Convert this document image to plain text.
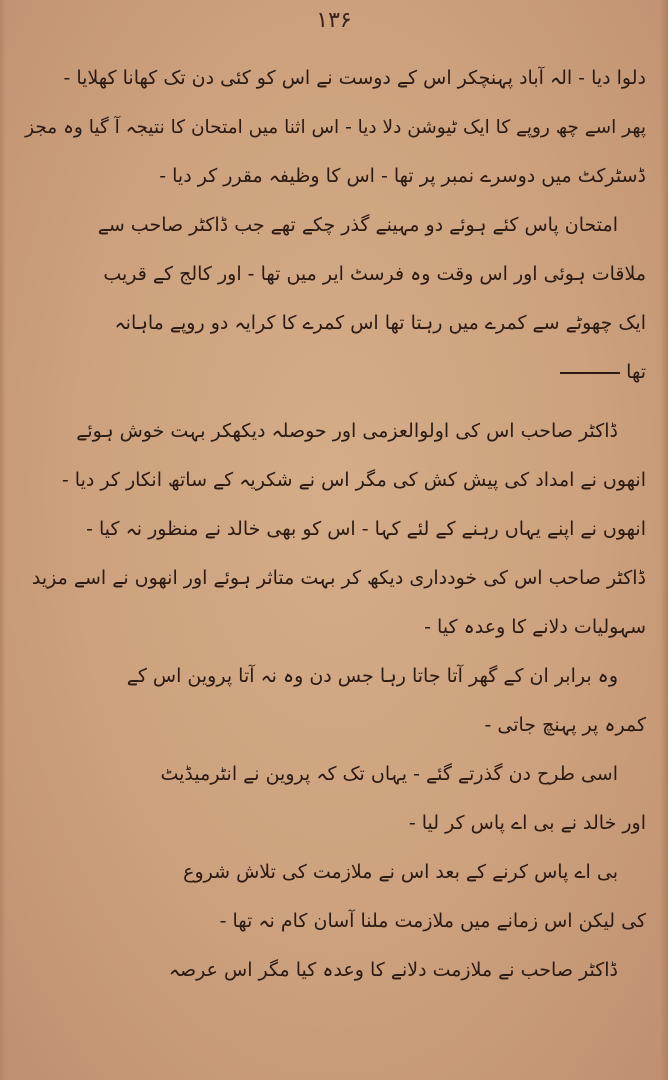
۱۳۶
دلوا دیا - الہ آباد پہنچکر اس کے دوست نے اس کو کئی دن تک کھانا کھلایا -
پھر اسے چھ روپے کا ایک ٹیوشن دلا دیا - اس اثنا میں امتحان کا نتیجہ آ گیا وہ مجز
ڈسٹرکٹ میں دوسرے نمبر پر تھا - اس کا وظیفہ مقرر کر دیا -
امتحان پاس کئے ہوئے دو مہینے گذر چکے تھے جب ڈاکٹر صاحب سے
ملاقات ہوئی اور اس وقت وہ فرسٹ ایر میں تھا - اور کالج کے قریب
ایک چھوٹے سے کمرے میں رہتا تھا اس کمرے کا کرایہ دو روپے ماہانہ
تھا
ڈاکٹر صاحب اس کی اولوالعزمی اور حوصلہ دیکھکر بہت خوش ہوئے
انھوں نے امداد کی پیش کش کی مگر اس نے شکریہ کے ساتھ انکار کر دیا -
انھوں نے اپنے یہاں رہنے کے لئے کہا - اس کو بھی خالد نے منظور نہ کیا -
ڈاکٹر صاحب اس کی خودداری دیکھ کر بہت متاثر ہوئے اور انھوں نے اسے مزید
سہولیات دلانے کا وعدہ کیا -
وہ برابر ان کے گھر آتا جاتا رہا جس دن وہ نہ آتا پروین اس کے
کمرہ پر پہنچ جاتی -
اسی طرح دن گذرتے گئے - یہاں تک کہ پروین نے انٹرمیڈیٹ
اور خالد نے بی اے پاس کر لیا -
بی اے پاس کرنے کے بعد اس نے ملازمت کی تلاش شروع
کی لیکن اس زمانے میں ملازمت ملنا آسان کام نہ تھا -
ڈاکٹر صاحب نے ملازمت دلانے کا وعدہ کیا مگر اس عرصہ
